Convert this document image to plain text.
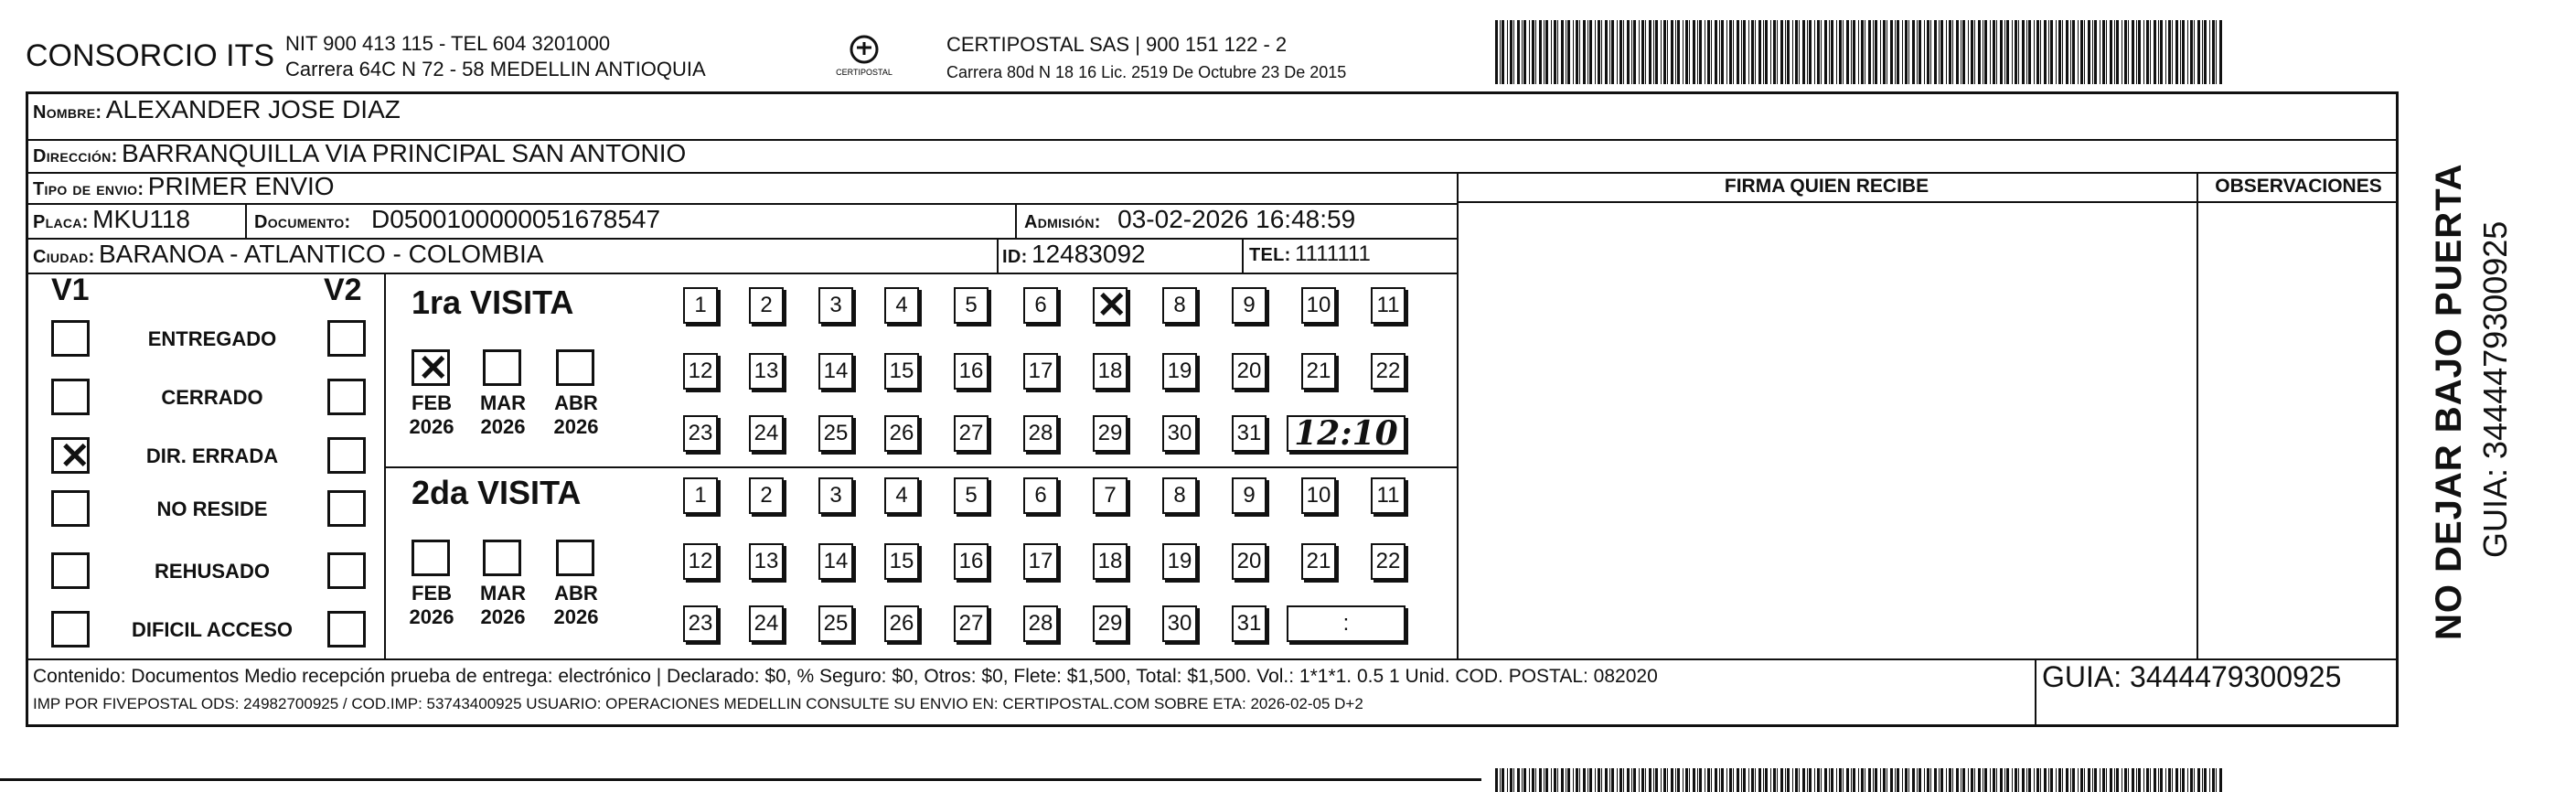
CONSORCIO ITS NIT 900 413 115 - TEL 604 3201000
Carrera 64C N 72 - 58 MEDELLIN ANTIOQUIA	CERTIPOSTAL
CERTIPOSTAL SAS | 900 151 122 - 2
Carrera 80d N 18 16 Lic. 2519 De Octubre 23 De 2015
Nombre: ALEXANDER JOSE DIAZ
Dirección: BARRANQUILLA VIA PRINCIPAL SAN ANTONIO
Tipo de envio: PRIMER ENVIO
Placa: MKU118	Documento: D0500100000051678547	Admisión: 03-02-2026 16:48:59
Ciudad: BARANOA - ATLANTICO - COLOMBIA	ID: 12483092	TEL: 1111111
FIRMA QUIEN RECIBE	OBSERVACIONES
V1	V2
ENTREGADO
CERRADO
✕	DIR. ERRADA
NO RESIDE
REHUSADO
DIFICIL ACCESO
1ra VISITA
2da VISITA
✕
FEB
2026
MAR
2026
ABR
2026
1	2	3	4	5	6	✕	8	9	10 11
12 13 14 15 16 17 18 19 20 21 22
23 24 25 26 27 28 29 30 31 12:10
FEB
2026
MAR
2026
ABR
2026
1	2	3	4	5	6	7	8	9	10 11
12 13 14 15 16 17 18 19 20 21 22
23 24 25 26 27 28 29 30 31	:
Contenido: Documentos Medio recepción prueba de entrega: electrónico | Declarado: $0, % Seguro: $0, Otros: $0, Flete: $1,500, Total: $1,500. Vol.: 1*1*1. 0.5 1 Unid. COD. POSTAL: 082020
IMP POR FIVEPOSTAL ODS: 24982700925 / COD.IMP: 53743400925 USUARIO: OPERACIONES MEDELLIN CONSULTE SU ENVIO EN: CERTIPOSTAL.COM SOBRE ETA: 2026-02-05 D+2
GUIA: 3444479300925
NO DEJAR BAJO PUERTA GUIA: 3444479300925
